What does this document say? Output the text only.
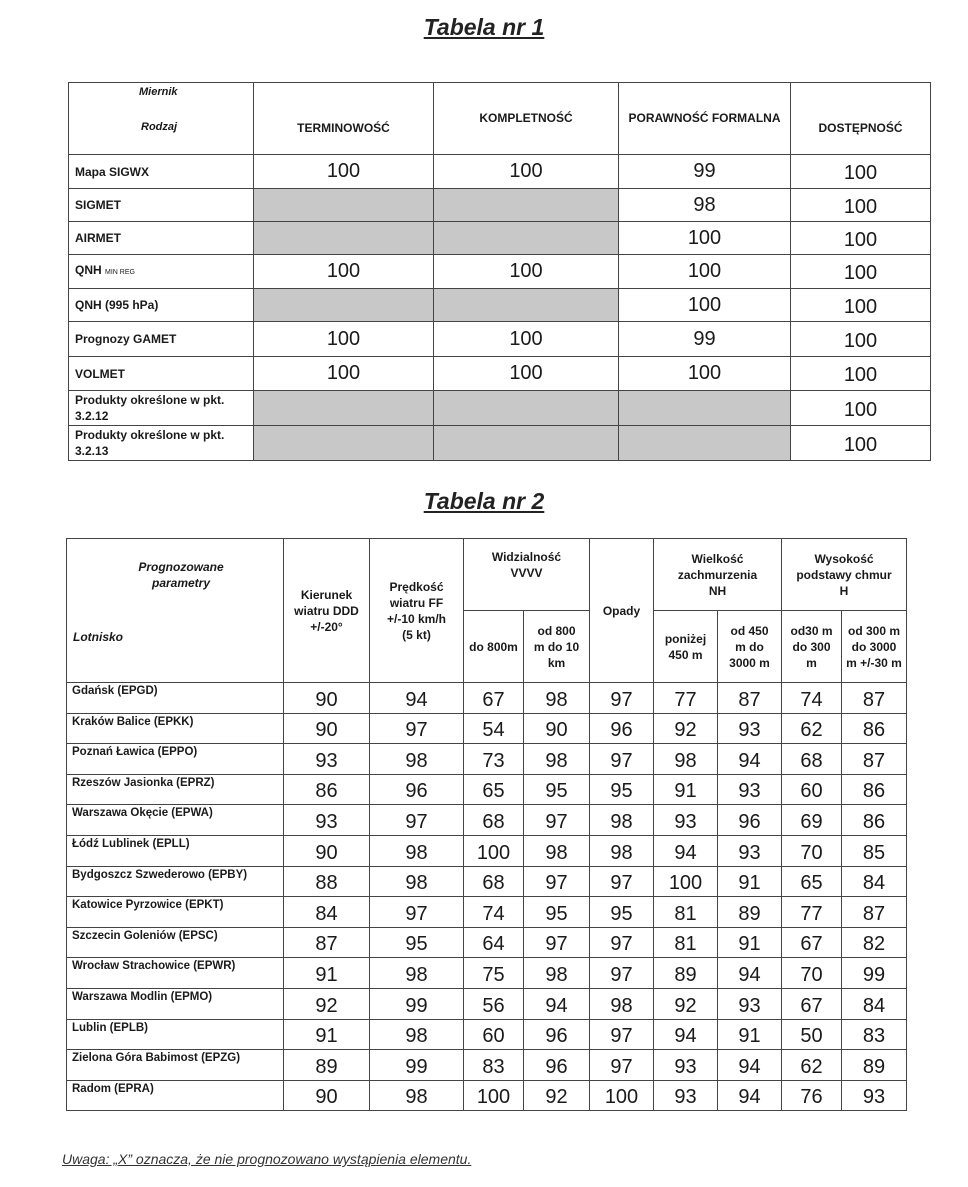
Tabela nr 1
Miernik
Rodzaj	TERMINOWOŚĆ	KOMPLETNOŚĆ	PORAWNOŚĆ FORMALNA	DOSTĘPNOŚĆ
Mapa SIGWX	100	100	99	100
SIGMET			98	100
AIRMET			100	100
QNH MIN REG	100	100	100	100
QNH (995 hPa)			100	100
Prognozy GAMET	100	100	99	100
VOLMET	100	100	100	100
Produkty określone w pkt. 3.2.12				100
Produkty określone w pkt. 3.2.13				100
Tabela nr 2
Prognozowane parametry
Lotnisko	Kierunek wiatru DDD +/-20°	Prędkość wiatru FF +/-10 km/h (5 kt)	Widzialność VVVV		Opady	Wielkość zachmurzenia NH		Wysokość podstawy chmur H	
			do 800m	od 800 m do 10 km		poniżej 450 m	od 450 m do 3000 m	od30 m do 300 m	od 300 m do 3000 m +/-30 m
Gdańsk (EPGD)	90	94	67	98	97	77	87	74	87
Kraków Balice (EPKK)	90	97	54	90	96	92	93	62	86
Poznań Ławica (EPPO)	93	98	73	98	97	98	94	68	87
Rzeszów Jasionka (EPRZ)	86	96	65	95	95	91	93	60	86
Warszawa Okęcie (EPWA)	93	97	68	97	98	93	96	69	86
Łódź Lublinek (EPLL)	90	98	100	98	98	94	93	70	85
Bydgoszcz Szwederowo (EPBY)	88	98	68	97	97	100	91	65	84
Katowice Pyrzowice (EPKT)	84	97	74	95	95	81	89	77	87
Szczecin Goleniów (EPSC)	87	95	64	97	97	81	91	67	82
Wrocław Strachowice (EPWR)	91	98	75	98	97	89	94	70	99
Warszawa Modlin (EPMO)	92	99	56	94	98	92	93	67	84
Lublin (EPLB)	91	98	60	96	97	94	91	50	83
Zielona Góra Babimost (EPZG)	89	99	83	96	97	93	94	62	89
Radom (EPRA)	90	98	100	92	100	93	94	76	93
Uwaga: „X” oznacza, że nie prognozowano wystąpienia elementu.
